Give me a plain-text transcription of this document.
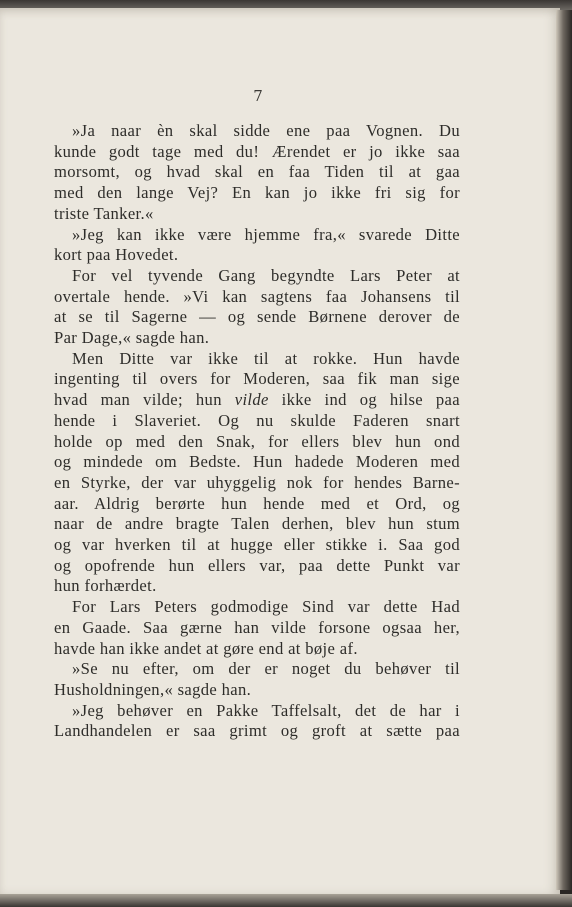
7
»Ja naar èn skal sidde ene paa Vognen. Du
kunde godt tage med du! Ærendet er jo ikke saa
morsomt, og hvad skal en faa Tiden til at gaa
med den lange Vej? En kan jo ikke fri sig for
triste Tanker.«
»Jeg kan ikke være hjemme fra,« svarede Ditte
kort paa Hovedet.
For vel tyvende Gang begyndte Lars Peter at
overtale hende. »Vi kan sagtens faa Johansens til
at se til Sagerne — og sende Børnene derover de
Par Dage,« sagde han.
Men Ditte var ikke til at rokke. Hun havde
ingenting til overs for Moderen, saa fik man sige
hvad man vilde; hun vilde ikke ind og hilse paa
hende i Slaveriet. Og nu skulde Faderen snart
holde op med den Snak, for ellers blev hun ond
og mindede om Bedste. Hun hadede Moderen med
en Styrke, der var uhyggelig nok for hendes Barne-
aar. Aldrig berørte hun hende med et Ord, og
naar de andre bragte Talen derhen, blev hun stum
og var hverken til at hugge eller stikke i. Saa god
og opofrende hun ellers var, paa dette Punkt var
hun forhærdet.
For Lars Peters godmodige Sind var dette Had
en Gaade. Saa gærne han vilde forsone ogsaa her,
havde han ikke andet at gøre end at bøje af.
»Se nu efter, om der er noget du behøver til
Husholdningen,« sagde han.
»Jeg behøver en Pakke Taffelsalt, det de har i
Landhandelen er saa grimt og groft at sætte paa
